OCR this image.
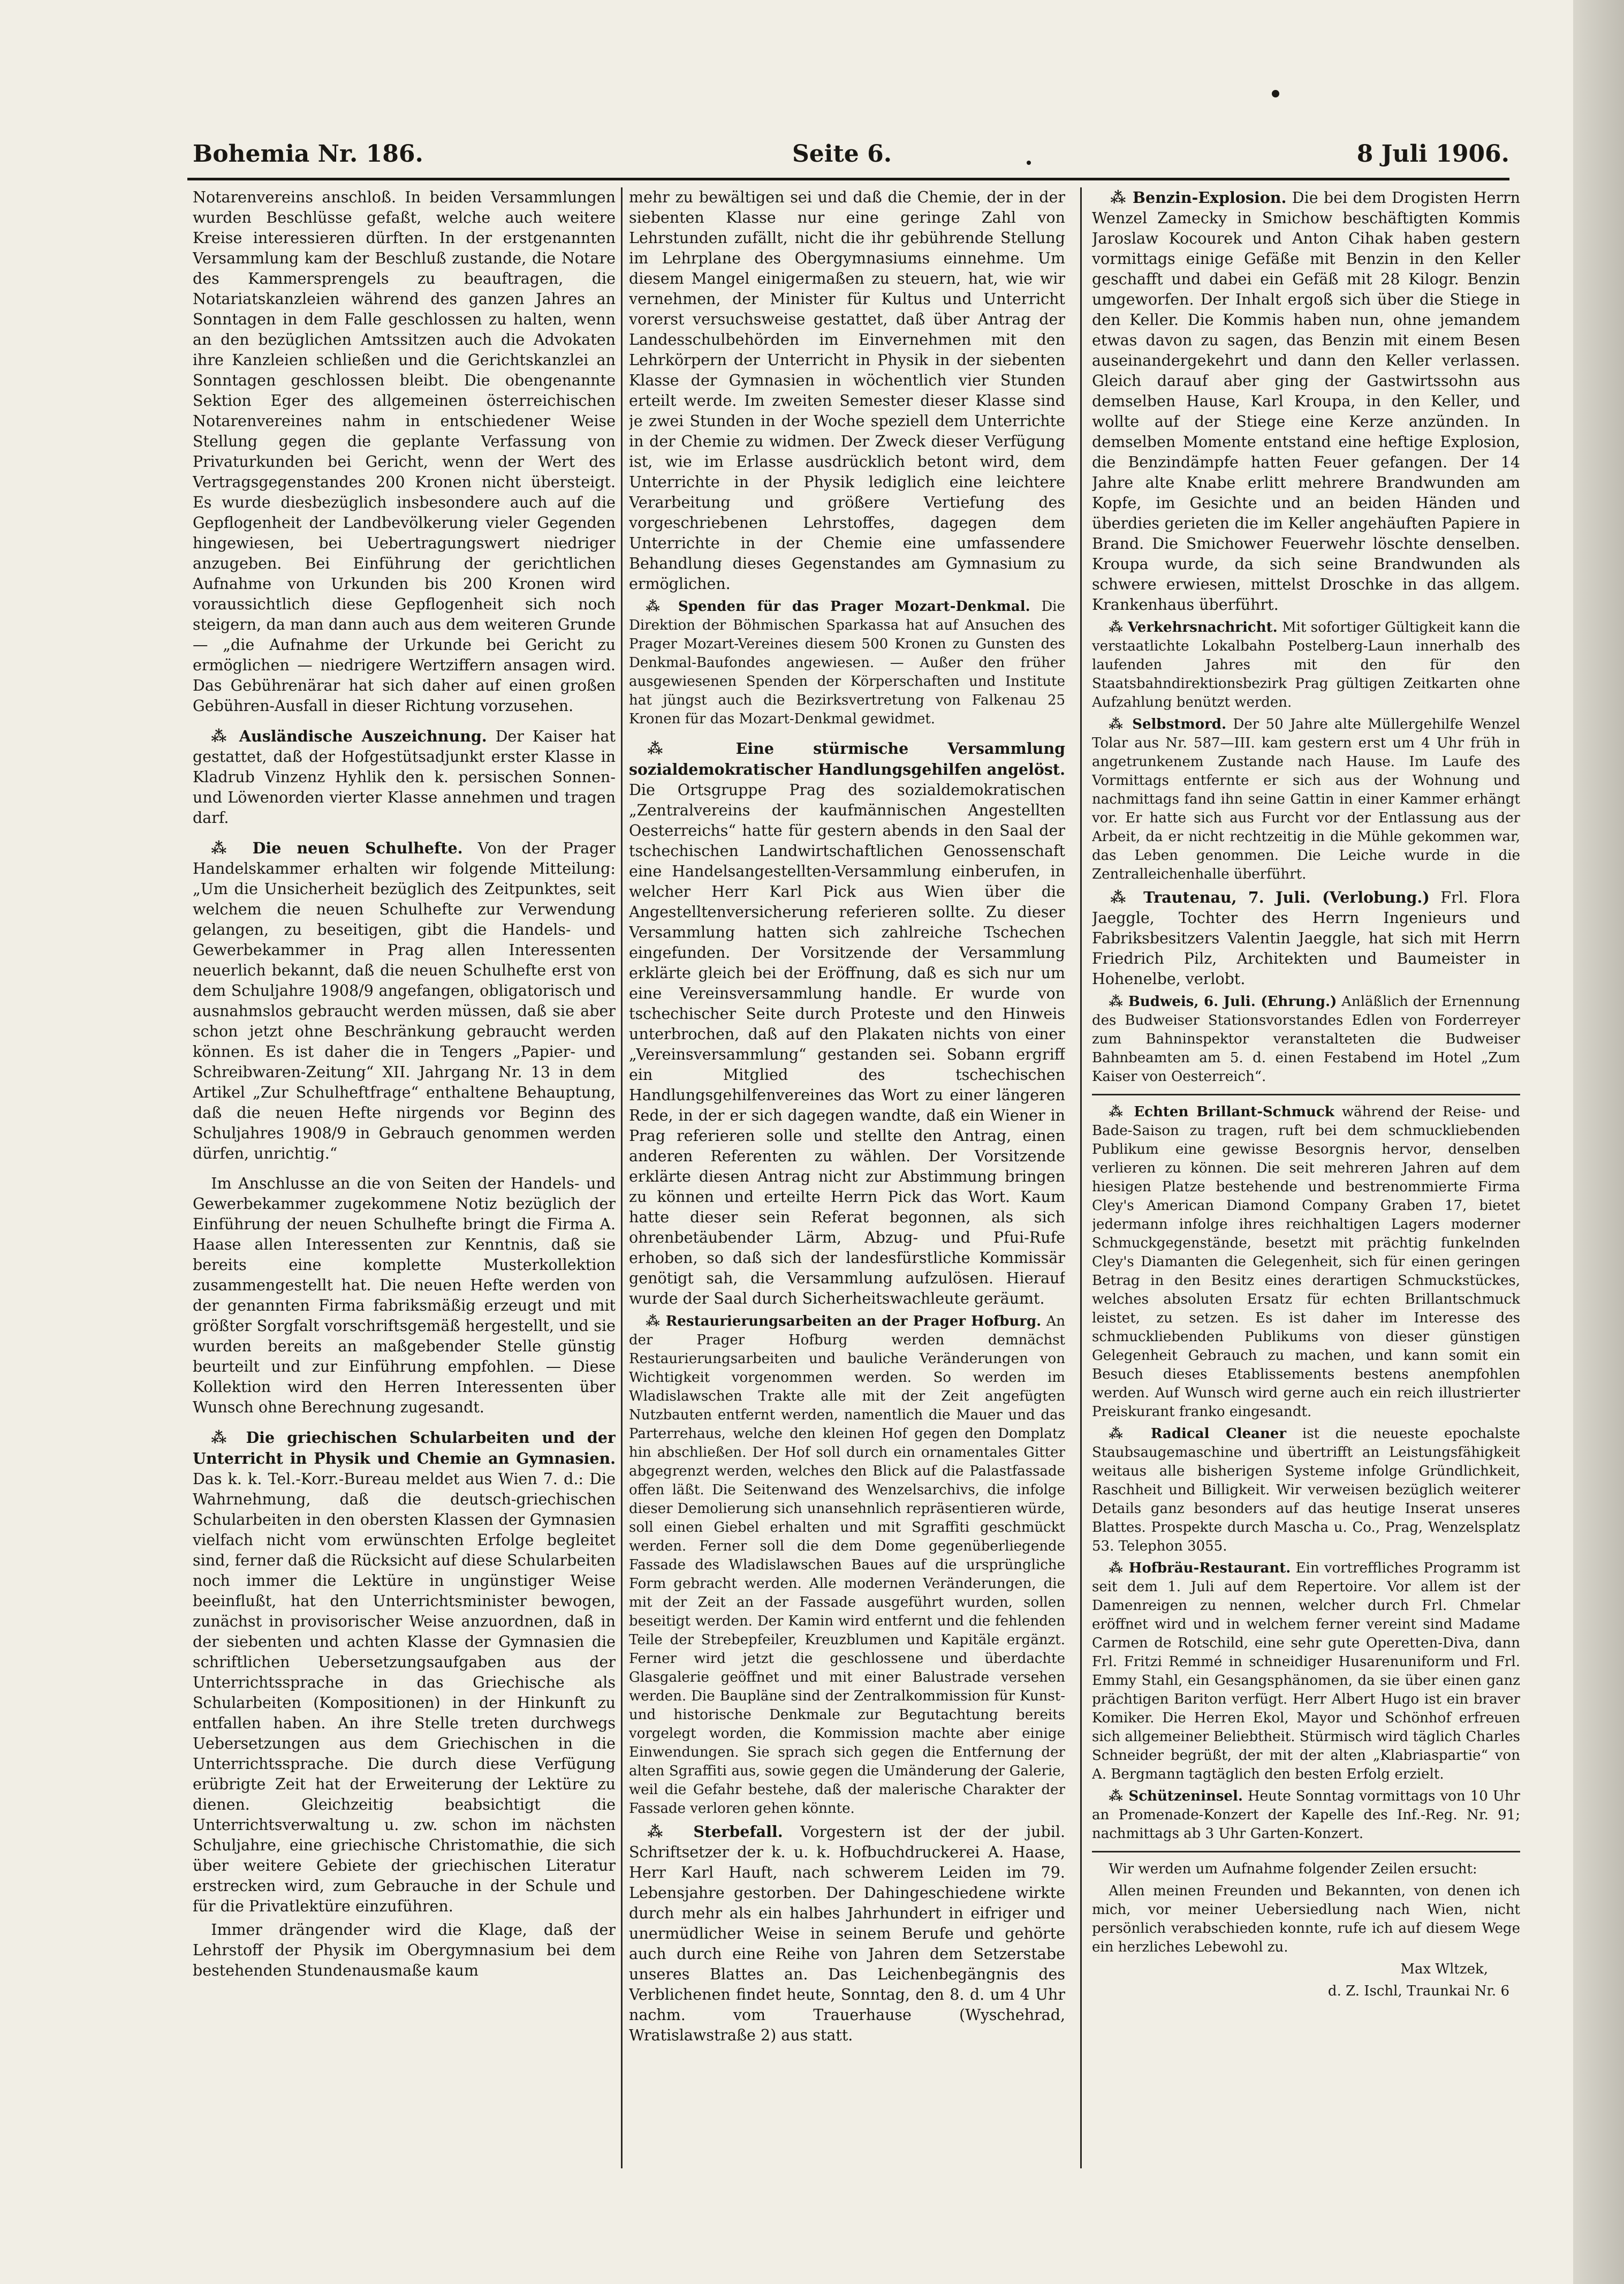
Bohemia Nr. 186.	Seite 6.	8 Juli 1906.

Notarenvereins anschloß. In beiden Versammlungen wurden Beschlüsse gefaßt, welche auch weitere Kreise interessieren dürften. In der erstgenannten Versammlung kam der Beschluß zustande, die Notare des Kammersprengels zu beauftragen, die Notariatskanzleien während des ganzen Jahres an Sonntagen in dem Falle geschlossen zu halten, wenn an den bezüglichen Amtssitzen auch die Advokaten ihre Kanzleien schließen und die Gerichtskanzlei an Sonntagen geschlossen bleibt. Die obengenannte Sektion Eger des allgemeinen österreichischen Notarenvereines nahm in entschiedener Weise Stellung gegen die geplante Verfassung von Privaturkunden bei Gericht, wenn der Wert des Vertragsgegenstandes 200 Kronen nicht übersteigt. Es wurde diesbezüglich insbesondere auch auf die Gepflogenheit der Landbevölkerung vieler Gegenden hingewiesen, bei Uebertragungswert niedriger anzugeben. Bei Einführung der gerichtlichen Aufnahme von Urkunden bis 200 Kronen wird voraussichtlich diese Gepflogenheit sich noch steigern, da man dann auch aus dem weiteren Grunde — „die Aufnahme der Urkunde bei Gericht zu ermöglichen — niedrigere Wertziffern ansagen wird. Das Gebührenärar hat sich daher auf einen großen Gebühren-Ausfall in dieser Richtung vorzusehen.

⁂ Ausländische Auszeichnung. Der Kaiser hat gestattet, daß der Hofgestütsadjunkt erster Klasse in Kladrub Vinzenz Hyhlik den k. persischen Sonnen- und Löwenorden vierter Klasse annehmen und tragen darf.

⁂ Die neuen Schulhefte. Von der Prager Handelskammer erhalten wir folgende Mitteilung: „Um die Unsicherheit bezüglich des Zeitpunktes, seit welchem die neuen Schulhefte zur Verwendung gelangen, zu beseitigen, gibt die Handels- und Gewerbekammer in Prag allen Interessenten neuerlich bekannt, daß die neuen Schulhefte erst von dem Schuljahre 1908/9 angefangen, obligatorisch und ausnahmslos gebraucht werden müssen, daß sie aber schon jetzt ohne Beschränkung gebraucht werden können. Es ist daher die in Tengers „Papier- und Schreibwaren-Zeitung“ XII. Jahrgang Nr. 13 in dem Artikel „Zur Schulheftfrage“ enthaltene Behauptung, daß die neuen Hefte nirgends vor Beginn des Schuljahres 1908/9 in Gebrauch genommen werden dürfen, unrichtig.“

Im Anschlusse an die von Seiten der Handels- und Gewerbekammer zugekommene Notiz bezüglich der Einführung der neuen Schulhefte bringt die Firma A. Haase allen Interessenten zur Kenntnis, daß sie bereits eine komplette Musterkollektion zusammengestellt hat. Die neuen Hefte werden von der genannten Firma fabriksmäßig erzeugt und mit größter Sorgfalt vorschriftsgemäß hergestellt, und sie wurden bereits an maßgebender Stelle günstig beurteilt und zur Einführung empfohlen. — Diese Kollektion wird den Herren Interessenten über Wunsch ohne Berechnung zugesandt.

⁂ Die griechischen Schularbeiten und der Unterricht in Physik und Chemie an Gymnasien. Das k. k. Tel.-Korr.-Bureau meldet aus Wien 7. d.: Die Wahrnehmung, daß die deutsch-griechischen Schularbeiten in den obersten Klassen der Gymnasien vielfach nicht vom erwünschten Erfolge begleitet sind, ferner daß die Rücksicht auf diese Schularbeiten noch immer die Lektüre in ungünstiger Weise beeinflußt, hat den Unterrichtsminister bewogen, zunächst in provisorischer Weise anzuordnen, daß in der siebenten und achten Klasse der Gymnasien die schriftlichen Uebersetzungsaufgaben aus der Unterrichtssprache in das Griechische als Schularbeiten (Kompositionen) in der Hinkunft zu entfallen haben. An ihre Stelle treten durchwegs Uebersetzungen aus dem Griechischen in die Unterrichtssprache. Die durch diese Verfügung erübrigte Zeit hat der Erweiterung der Lektüre zu dienen. Gleichzeitig beabsichtigt die Unterrichtsverwaltung u. zw. schon im nächsten Schuljahre, eine griechische Christomathie, die sich über weitere Gebiete der griechischen Literatur erstrecken wird, zum Gebrauche in der Schule und für die Privatlektüre einzuführen.

Immer drängender wird die Klage, daß der Lehrstoff der Physik im Obergymnasium bei dem bestehenden Stundenausmaße kaum

mehr zu bewältigen sei und daß die Chemie, der in der siebenten Klasse nur eine geringe Zahl von Lehrstunden zufällt, nicht die ihr gebührende Stellung im Lehrplane des Obergymnasiums einnehme. Um diesem Mangel einigermaßen zu steuern, hat, wie wir vernehmen, der Minister für Kultus und Unterricht vorerst versuchsweise gestattet, daß über Antrag der Landesschulbehörden im Einvernehmen mit den Lehrkörpern der Unterricht in Physik in der siebenten Klasse der Gymnasien in wöchentlich vier Stunden erteilt werde. Im zweiten Semester dieser Klasse sind je zwei Stunden in der Woche speziell dem Unterrichte in der Chemie zu widmen. Der Zweck dieser Verfügung ist, wie im Erlasse ausdrücklich betont wird, dem Unterrichte in der Physik lediglich eine leichtere Verarbeitung und größere Vertiefung des vorgeschriebenen Lehrstoffes, dagegen dem Unterrichte in der Chemie eine umfassendere Behandlung dieses Gegenstandes am Gymnasium zu ermöglichen.

⁂ Spenden für das Prager Mozart-Denkmal. Die Direktion der Böhmischen Sparkassa hat auf Ansuchen des Prager Mozart-Vereines diesem 500 Kronen zu Gunsten des Denkmal-Baufondes angewiesen. — Außer den früher ausgewiesenen Spenden der Körperschaften und Institute hat jüngst auch die Bezirksvertretung von Falkenau 25 Kronen für das Mozart-Denkmal gewidmet.

⁂ Eine stürmische Versammlung sozialdemokratischer Handlungsgehilfen angelöst. Die Ortsgruppe Prag des sozialdemokratischen „Zentralvereins der kaufmännischen Angestellten Oesterreichs“ hatte für gestern abends in den Saal der tschechischen Landwirtschaftlichen Genossenschaft eine Handelsangestellten-Versammlung einberufen, in welcher Herr Karl Pick aus Wien über die Angestelltenversicherung referieren sollte. Zu dieser Versammlung hatten sich zahlreiche Tschechen eingefunden. Der Vorsitzende der Versammlung erklärte gleich bei der Eröffnung, daß es sich nur um eine Vereinsversammlung handle. Er wurde von tschechischer Seite durch Proteste und den Hinweis unterbrochen, daß auf den Plakaten nichts von einer „Vereinsversammlung“ gestanden sei. Sobann ergriff ein Mitglied des tschechischen Handlungsgehilfenvereines das Wort zu einer längeren Rede, in der er sich dagegen wandte, daß ein Wiener in Prag referieren solle und stellte den Antrag, einen anderen Referenten zu wählen. Der Vorsitzende erklärte diesen Antrag nicht zur Abstimmung bringen zu können und erteilte Herrn Pick das Wort. Kaum hatte dieser sein Referat begonnen, als sich ohrenbetäubender Lärm, Abzug- und Pfui-Rufe erhoben, so daß sich der landesfürstliche Kommissär genötigt sah, die Versammlung aufzulösen. Hierauf wurde der Saal durch Sicherheitswachleute geräumt.

⁂ Restaurierungsarbeiten an der Prager Hofburg. An der Prager Hofburg werden demnächst Restaurierungsarbeiten und bauliche Veränderungen von Wichtigkeit vorgenommen werden. So werden im Wladislawschen Trakte alle mit der Zeit angefügten Nutzbauten entfernt werden, namentlich die Mauer und das Parterrehaus, welche den kleinen Hof gegen den Domplatz hin abschließen. Der Hof soll durch ein ornamentales Gitter abgegrenzt werden, welches den Blick auf die Palastfassade offen läßt. Die Seitenwand des Wenzelsarchivs, die infolge dieser Demolierung sich unansehnlich repräsentieren würde, soll einen Giebel erhalten und mit Sgraffiti geschmückt werden. Ferner soll die dem Dome gegenüberliegende Fassade des Wladislawschen Baues auf die ursprüngliche Form gebracht werden. Alle modernen Veränderungen, die mit der Zeit an der Fassade ausgeführt wurden, sollen beseitigt werden. Der Kamin wird entfernt und die fehlenden Teile der Strebepfeiler, Kreuzblumen und Kapitäle ergänzt. Ferner wird jetzt die geschlossene und überdachte Glasgalerie geöffnet und mit einer Balustrade versehen werden. Die Baupläne sind der Zentralkommission für Kunst- und historische Denkmale zur Begutachtung bereits vorgelegt worden, die Kommission machte aber einige Einwendungen. Sie sprach sich gegen die Entfernung der alten Sgraffiti aus, sowie gegen die Umänderung der Galerie, weil die Gefahr bestehe, daß der malerische Charakter der Fassade verloren gehen könnte.

⁂ Sterbefall. Vorgestern ist der der jubil. Schriftsetzer der k. u. k. Hofbuchdruckerei A. Haase, Herr Karl Hauft, nach schwerem Leiden im 79. Lebensjahre gestorben. Der Dahingeschiedene wirkte durch mehr als ein halbes Jahrhundert in eifriger und unermüdlicher Weise in seinem Berufe und gehörte auch durch eine Reihe von Jahren dem Setzerstabe unseres Blattes an. Das Leichenbegängnis des Verblichenen findet heute, Sonntag, den 8. d. um 4 Uhr nachm. vom Trauerhause (Wyschehrad, Wratislawstraße 2) aus statt.

⁂ Benzin-Explosion. Die bei dem Drogisten Herrn Wenzel Zamecky in Smichow beschäftigten Kommis Jaroslaw Kocourek und Anton Cihak haben gestern vormittags einige Gefäße mit Benzin in den Keller geschafft und dabei ein Gefäß mit 28 Kilogr. Benzin umgeworfen. Der Inhalt ergoß sich über die Stiege in den Keller. Die Kommis haben nun, ohne jemandem etwas davon zu sagen, das Benzin mit einem Besen auseinandergekehrt und dann den Keller verlassen. Gleich darauf aber ging der Gastwirtssohn aus demselben Hause, Karl Kroupa, in den Keller, und wollte auf der Stiege eine Kerze anzünden. In demselben Momente entstand eine heftige Explosion, die Benzindämpfe hatten Feuer gefangen. Der 14 Jahre alte Knabe erlitt mehrere Brandwunden am Kopfe, im Gesichte und an beiden Händen und überdies gerieten die im Keller angehäuften Papiere in Brand. Die Smichower Feuerwehr löschte denselben. Kroupa wurde, da sich seine Brandwunden als schwere erwiesen, mittelst Droschke in das allgem. Krankenhaus überführt.

⁂ Verkehrsnachricht. Mit sofortiger Gültigkeit kann die verstaatlichte Lokalbahn Postelberg-Laun innerhalb des laufenden Jahres mit den für den Staatsbahndirektionsbezirk Prag gültigen Zeitkarten ohne Aufzahlung benützt werden.

⁂ Selbstmord. Der 50 Jahre alte Müllergehilfe Wenzel Tolar aus Nr. 587—III. kam gestern erst um 4 Uhr früh in angetrunkenem Zustande nach Hause. Im Laufe des Vormittags entfernte er sich aus der Wohnung und nachmittags fand ihn seine Gattin in einer Kammer erhängt vor. Er hatte sich aus Furcht vor der Entlassung aus der Arbeit, da er nicht rechtzeitig in die Mühle gekommen war, das Leben genommen. Die Leiche wurde in die Zentralleichenhalle überführt.

⁂ Trautenau, 7. Juli. (Verlobung.) Frl. Flora Jaeggle, Tochter des Herrn Ingenieurs und Fabriksbesitzers Valentin Jaeggle, hat sich mit Herrn Friedrich Pilz, Architekten und Baumeister in Hohenelbe, verlobt.

⁂ Budweis, 6. Juli. (Ehrung.) Anläßlich der Ernennung des Budweiser Stationsvorstandes Edlen von Forderreyer zum Bahninspektor veranstalteten die Budweiser Bahnbeamten am 5. d. einen Festabend im Hotel „Zum Kaiser von Oesterreich“.

⁂ Echten Brillant-Schmuck während der Reise- und Bade-Saison zu tragen, ruft bei dem schmuckliebenden Publikum eine gewisse Besorgnis hervor, denselben verlieren zu können. Die seit mehreren Jahren auf dem hiesigen Platze bestehende und bestrenommierte Firma Cley's American Diamond Company Graben 17, bietet jedermann infolge ihres reichhaltigen Lagers moderner Schmuckgegenstände, besetzt mit prächtig funkelnden Cley's Diamanten die Gelegenheit, sich für einen geringen Betrag in den Besitz eines derartigen Schmuckstückes, welches absoluten Ersatz für echten Brillantschmuck leistet, zu setzen. Es ist daher im Interesse des schmuckliebenden Publikums von dieser günstigen Gelegenheit Gebrauch zu machen, und kann somit ein Besuch dieses Etablissements bestens anempfohlen werden. Auf Wunsch wird gerne auch ein reich illustrierter Preiskurant franko eingesandt.

⁂ Radical Cleaner ist die neueste epochalste Staubsaugemaschine und übertrifft an Leistungsfähigkeit weitaus alle bisherigen Systeme infolge Gründlichkeit, Raschheit und Billigkeit. Wir verweisen bezüglich weiterer Details ganz besonders auf das heutige Inserat unseres Blattes. Prospekte durch Mascha u. Co., Prag, Wenzelsplatz 53. Telephon 3055.

⁂ Hofbräu-Restaurant. Ein vortreffliches Programm ist seit dem 1. Juli auf dem Repertoire. Vor allem ist der Damenreigen zu nennen, welcher durch Frl. Chmelar eröffnet wird und in welchem ferner vereint sind Madame Carmen de Rotschild, eine sehr gute Operetten-Diva, dann Frl. Fritzi Remmé in schneidiger Husarenuniform und Frl. Emmy Stahl, ein Gesangsphänomen, da sie über einen ganz prächtigen Bariton verfügt. Herr Albert Hugo ist ein braver Komiker. Die Herren Ekol, Mayor und Schönhof erfreuen sich allgemeiner Beliebtheit. Stürmisch wird täglich Charles Schneider begrüßt, der mit der alten „Klabriaspartie“ von A. Bergmann tagtäglich den besten Erfolg erzielt.

⁂ Schützeninsel. Heute Sonntag vormittags von 10 Uhr an Promenade-Konzert der Kapelle des Inf.-Reg. Nr. 91; nachmittags ab 3 Uhr Garten-Konzert.

Wir werden um Aufnahme folgender Zeilen ersucht:

Allen meinen Freunden und Bekannten, von denen ich mich, vor meiner Uebersiedlung nach Wien, nicht persönlich verabschieden konnte, rufe ich auf diesem Wege ein herzliches Lebewohl zu.

Max Wltzek,

d. Z. Ischl, Traunkai Nr. 6
